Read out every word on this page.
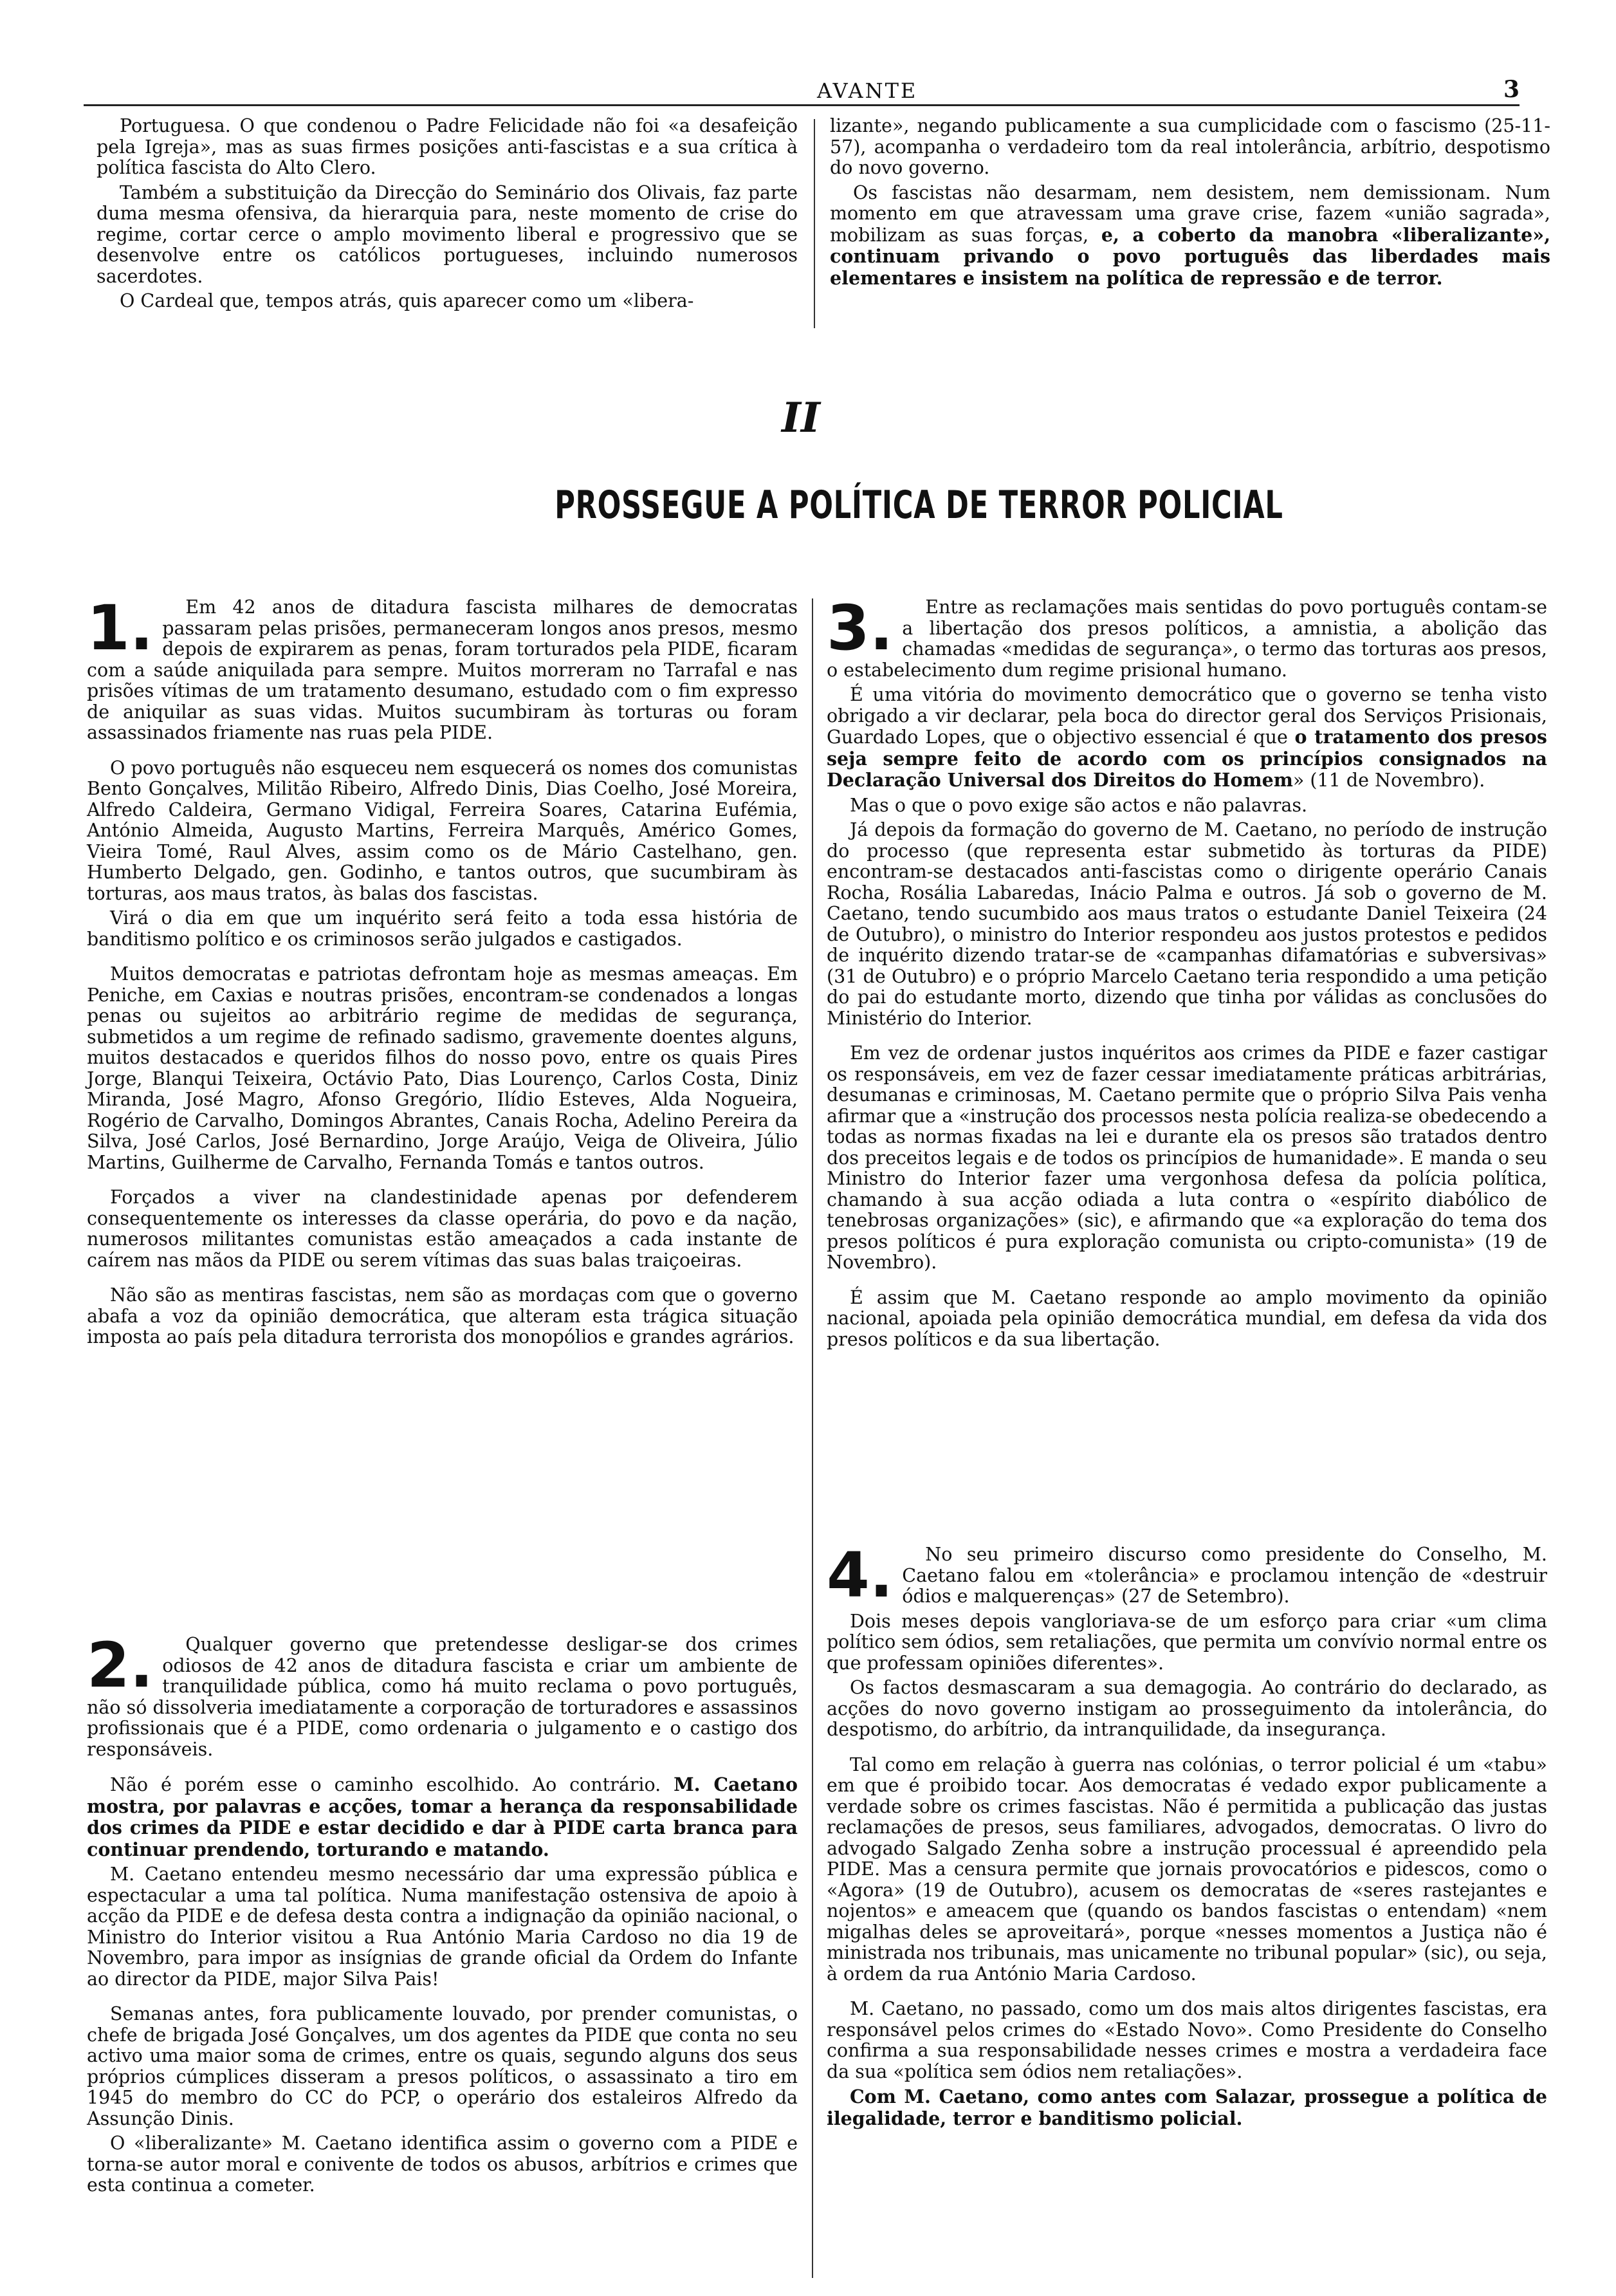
AVANTE	3

Portuguesa. O que condenou o Padre Felicidade não foi «a desafeição pela Igreja», mas as suas firmes posições anti-fascistas e a sua crítica à política fascista do Alto Clero.

Também a substituição da Direcção do Seminário dos Olivais, faz parte duma mesma ofensiva, da hierarquia para, neste momento de crise do regime, cortar cerce o amplo movimento liberal e progressivo que se desenvolve entre os católicos portugueses, incluindo numerosos sacerdotes.

O Cardeal que, tempos atrás, quis aparecer como um «libera-

lizante», negando publicamente a sua cumplicidade com o fascismo (25-11-57), acompanha o verdadeiro tom da real intolerância, arbítrio, despotismo do novo governo.

Os fascistas não desarmam, nem desistem, nem demissionam. Num momento em que atravessam uma grave crise, fazem «união sagrada», mobilizam as suas forças, e, a coberto da manobra «liberalizante», continuam privando o povo português das liberdades mais elementares e insistem na política de repressão e de terror.

II
PROSSEGUE A POLÍTICA DE TERROR POLICIAL
1.	Em 42 anos de ditadura fascista milhares de democratas passaram pelas prisões, permaneceram longos anos presos, mesmo depois de expirarem as penas, foram torturados pela PIDE, ficaram com a saúde aniquilada para sempre. Muitos morreram no Tarrafal e nas prisões vítimas de um tratamento desumano, estudado com o fim expresso de aniquilar as suas vidas. Muitos sucumbiram às torturas ou foram assassinados friamente nas ruas pela PIDE.

O povo português não esqueceu nem esquecerá os nomes dos comunistas Bento Gonçalves, Militão Ribeiro, Alfredo Dinis, Dias Coelho, José Moreira, Alfredo Caldeira, Germano Vidigal, Ferreira Soares, Catarina Eufémia, António Almeida, Augusto Martins, Ferreira Marquês, Américo Gomes, Vieira Tomé, Raul Alves, assim como os de Mário Castelhano, gen. Humberto Delgado, gen. Godinho, e tantos outros, que sucumbiram às torturas, aos maus tratos, às balas dos fascistas.

Virá o dia em que um inquérito será feito a toda essa história de banditismo político e os criminosos serão julgados e castigados.

Muitos democratas e patriotas defrontam hoje as mesmas ameaças. Em Peniche, em Caxias e noutras prisões, encontram-se condenados a longas penas ou sujeitos ao arbitrário regime de medidas de segurança, submetidos a um regime de refinado sadismo, gravemente doentes alguns, muitos destacados e queridos filhos do nosso povo, entre os quais Pires Jorge, Blanqui Teixeira, Octávio Pato, Dias Lourenço, Carlos Costa, Diniz Miranda, José Magro, Afonso Gregório, Ilídio Esteves, Alda Nogueira, Rogério de Carvalho, Domingos Abrantes, Canais Rocha, Adelino Pereira da Silva, José Carlos, José Bernardino, Jorge Araújo, Veiga de Oliveira, Júlio Martins, Guilherme de Carvalho, Fernanda Tomás e tantos outros.

Forçados a viver na clandestinidade apenas por defenderem consequentemente os interesses da classe operária, do povo e da nação, numerosos militantes comunistas estão ameaçados a cada instante de caírem nas mãos da PIDE ou serem vítimas das suas balas traiçoeiras.

Não são as mentiras fascistas, nem são as mordaças com que o governo abafa a voz da opinião democrática, que alteram esta trágica situação imposta ao país pela ditadura terrorista dos monopólios e grandes agrários.

2.	Qualquer governo que pretendesse desligar-se dos crimes odiosos de 42 anos de ditadura fascista e criar um ambiente de tranquilidade pública, como há muito reclama o povo português, não só dissolveria imediatamente a corporação de torturadores e assassinos profissionais que é a PIDE, como ordenaria o julgamento e o castigo dos responsáveis.

Não é porém esse o caminho escolhido. Ao contrário. M. Caetano mostra, por palavras e acções, tomar a herança da responsabilidade dos crimes da PIDE e estar decidido e dar à PIDE carta branca para continuar prendendo, torturando e matando.

M. Caetano entendeu mesmo necessário dar uma expressão pública e espectacular a uma tal política. Numa manifestação ostensiva de apoio à acção da PIDE e de defesa desta contra a indignação da opinião nacional, o Ministro do Interior visitou a Rua António Maria Cardoso no dia 19 de Novembro, para impor as insígnias de grande oficial da Ordem do Infante ao director da PIDE, major Silva Pais!

Semanas antes, fora publicamente louvado, por prender comunistas, o chefe de brigada José Gonçalves, um dos agentes da PIDE que conta no seu activo uma maior soma de crimes, entre os quais, segundo alguns dos seus próprios cúmplices disseram a presos políticos, o assassinato a tiro em 1945 do membro do CC do PCP, o operário dos estaleiros Alfredo da Assunção Dinis.

O «liberalizante» M. Caetano identifica assim o governo com a PIDE e torna-se autor moral e conivente de todos os abusos, arbítrios e crimes que esta continua a cometer.

3.	Entre as reclamações mais sentidas do povo português contam-se a libertação dos presos políticos, a amnistia, a abolição das chamadas «medidas de segurança», o termo das torturas aos presos, o estabelecimento dum regime prisional humano.

É uma vitória do movimento democrático que o governo se tenha visto obrigado a vir declarar, pela boca do director geral dos Serviços Prisionais, Guardado Lopes, que o objectivo essencial é que o tratamento dos presos seja sempre feito de acordo com os princípios consignados na Declaração Universal dos Direitos do Homem» (11 de Novembro).

Mas o que o povo exige são actos e não palavras.

Já depois da formação do governo de M. Caetano, no período de instrução do processo (que representa estar submetido às torturas da PIDE) encontram-se destacados anti-fascistas como o dirigente operário Canais Rocha, Rosália Labaredas, Inácio Palma e outros. Já sob o governo de M. Caetano, tendo sucumbido aos maus tratos o estudante Daniel Teixeira (24 de Outubro), o ministro do Interior respondeu aos justos protestos e pedidos de inquérito dizendo tratar-se de «campanhas difamatórias e subversivas» (31 de Outubro) e o próprio Marcelo Caetano teria respondido a uma petição do pai do estudante morto, dizendo que tinha por válidas as conclusões do Ministério do Interior.

Em vez de ordenar justos inquéritos aos crimes da PIDE e fazer castigar os responsáveis, em vez de fazer cessar imediatamente práticas arbitrárias, desumanas e criminosas, M. Caetano permite que o próprio Silva Pais venha afirmar que a «instrução dos processos nesta polícia realiza-se obedecendo a todas as normas fixadas na lei e durante ela os presos são tratados dentro dos preceitos legais e de todos os princípios de humanidade». E manda o seu Ministro do Interior fazer uma vergonhosa defesa da polícia política, chamando à sua acção odiada a luta contra o «espírito diabólico de tenebrosas organizações» (sic), e afirmando que «a exploração do tema dos presos políticos é pura exploração comunista ou cripto-comunista» (19 de Novembro).

É assim que M. Caetano responde ao amplo movimento da opinião nacional, apoiada pela opinião democrática mundial, em defesa da vida dos presos políticos e da sua libertação.

4.	No seu primeiro discurso como presidente do Conselho, M. Caetano falou em «tolerância» e proclamou intenção de «destruir ódios e malquerenças» (27 de Setembro).

Dois meses depois vangloriava-se de um esforço para criar «um clima político sem ódios, sem retaliações, que permita um convívio normal entre os que professam opiniões diferentes».

Os factos desmascaram a sua demagogia. Ao contrário do declarado, as acções do novo governo instigam ao prosseguimento da intolerância, do despotismo, do arbítrio, da intranquilidade, da insegurança.

Tal como em relação à guerra nas colónias, o terror policial é um «tabu» em que é proibido tocar. Aos democratas é vedado expor publicamente a verdade sobre os crimes fascistas. Não é permitida a publicação das justas reclamações de presos, seus familiares, advogados, democratas. O livro do advogado Salgado Zenha sobre a instrução processual é apreendido pela PIDE. Mas a censura permite que jornais provocatórios e pidescos, como o «Agora» (19 de Outubro), acusem os democratas de «seres rastejantes e nojentos» e ameacem que (quando os bandos fascistas o entendam) «nem migalhas deles se aproveitará», porque «nesses momentos a Justiça não é ministrada nos tribunais, mas unicamente no tribunal popular» (sic), ou seja, à ordem da rua António Maria Cardoso.

M. Caetano, no passado, como um dos mais altos dirigentes fascistas, era responsável pelos crimes do «Estado Novo». Como Presidente do Conselho confirma a sua responsabilidade nesses crimes e mostra a verdadeira face da sua «política sem ódios nem retaliações».

Com M. Caetano, como antes com Salazar, prossegue a política de ilegalidade, terror e banditismo policial.
